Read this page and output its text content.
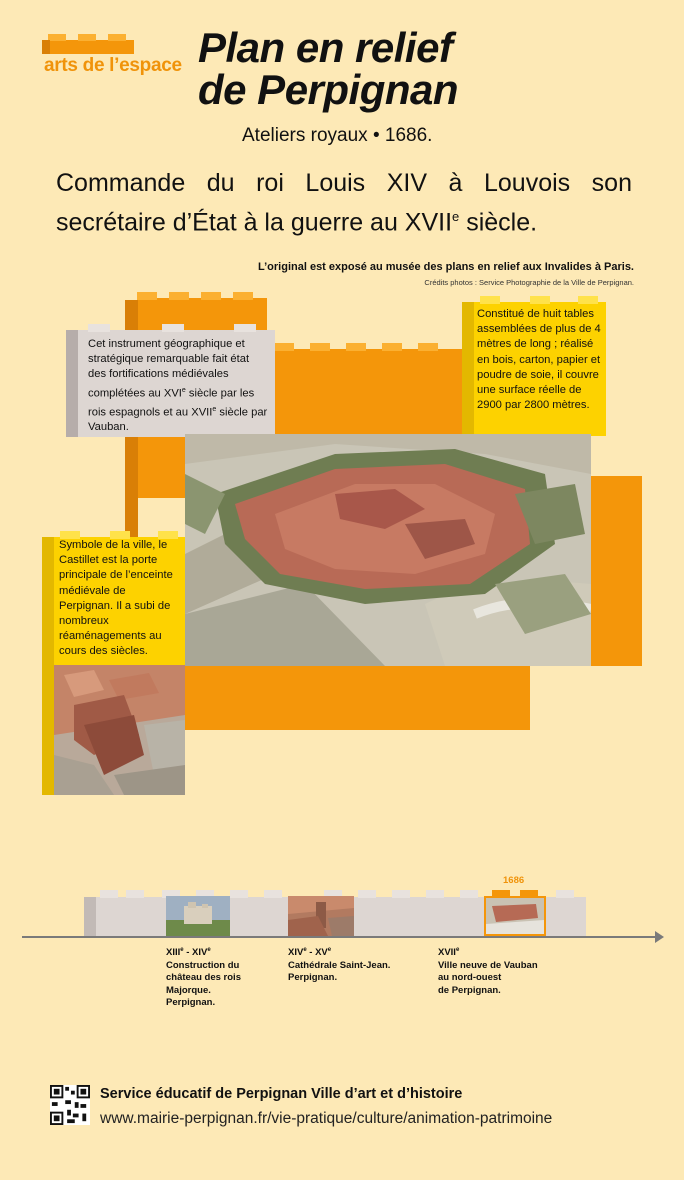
arts de l’espace Plan en relief
de Perpignan
Ateliers royaux • 1686.
Commande du roi Louis XIV à Louvois son secrétaire d’État à la guerre au XVIIe siècle.
L’original est exposé au musée des plans en relief aux Invalides à Paris.
Crédits photos : Service Photographie de la Ville de Perpignan.
Cet instrument géographique et stratégique remarquable fait état des fortifications médiévales complétées au XVIe siècle par les rois espagnols et au XVIIe siècle par Vauban.
Constitué de huit tables assemblées de plus de 4 mètres de long ; réalisé en bois, carton, papier et poudre de soie, il couvre une surface réelle de 2900 par 2800 mètres.
Symbole de la ville, le Castillet est la porte principale de l’enceinte médiévale de Perpignan. Il a subi de nombreux réaménagements au cours des siècles.
1686
XIIIe - XIVe
Construction du
château des rois
Majorque.
Perpignan.
XIVe - XVe
Cathédrale Saint-Jean.
Perpignan.
XVIIe
Ville neuve de Vauban
au nord-ouest
de Perpignan.
Service éducatif de Perpignan Ville d’art et d’histoire
www.mairie-perpignan.fr/vie-pratique/culture/animation-patrimoine
